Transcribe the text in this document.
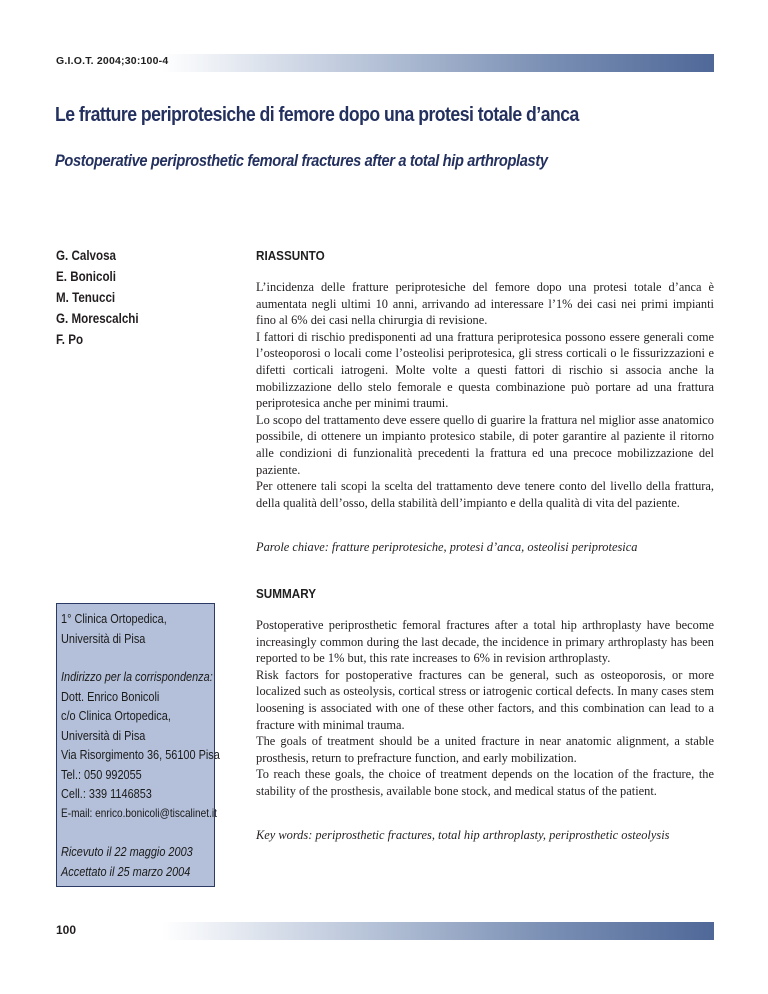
G.I.O.T. 2004;30:100-4
Le fratture periprotesiche di femore dopo una protesi totale d’anca
Postoperative periprosthetic femoral fractures after a total hip arthroplasty
G. Calvosa
E. Bonicoli
M. Tenucci
G. Morescalchi
F. Po
RIASSUNTO

L’incidenza delle fratture periprotesiche del femore dopo una protesi totale d’anca è aumentata negli ultimi 10 anni, arrivando ad interessare l’1% dei casi nei primi impianti fino al 6% dei casi nella chirurgia di revisione.

I fattori di rischio predisponenti ad una frattura periprotesica possono essere generali come l’osteoporosi o locali come l’osteolisi periprotesica, gli stress corticali o le fissurizzazioni e difetti corticali iatrogeni. Molte volte a questi fattori di rischio si associa anche la mobilizzazione dello stelo femorale e questa combinazione può portare ad una frattura periprotesica anche per minimi traumi.

Lo scopo del trattamento deve essere quello di guarire la frattura nel miglior asse anatomico possibile, di ottenere un impianto protesico stabile, di poter garantire al paziente il ritorno alle condizioni di funzionalità precedenti la frattura ed una precoce mobilizzazione del paziente.

Per ottenere tali scopi la scelta del trattamento deve tenere conto del livello della frattura, della qualità dell’osso, della stabilità dell’impianto e della qualità di vita del paziente.

Parole chiave: fratture periprotesiche, protesi d’anca, osteolisi periprotesica
SUMMARY

Postoperative periprosthetic femoral fractures after a total hip arthroplasty have become increasingly common during the last decade, the incidence in primary arthroplasty has been reported to be 1% but, this rate increases to 6% in revision arthroplasty.

Risk factors for postoperative fractures can be general, such as osteoporosis, or more localized such as osteolysis, cortical stress or iatrogenic cortical defects. In many cases stem loosening is associated with one of these other factors, and this combination can lead to a fracture with minimal trauma.

The goals of treatment should be a united fracture in near anatomic alignment, a stable prosthesis, return to prefracture function, and early mobilization.

To reach these goals, the choice of treatment depends on the location of the fracture, the stability of the prosthesis, available bone stock, and medical status of the patient.

Key words: periprosthetic fractures, total hip arthroplasty, periprosthetic osteolysis
1° Clinica Ortopedica,
Università di Pisa
Indirizzo per la corrispondenza:
Dott. Enrico Bonicoli
c/o Clinica Ortopedica,
Università di Pisa
Via Risorgimento 36, 56100 Pisa
Tel.: 050 992055
Cell.: 339 1146853
E-mail: enrico.bonicoli@tiscalinet.it
Ricevuto il 22 maggio 2003
Accettato il 25 marzo 2004
100
